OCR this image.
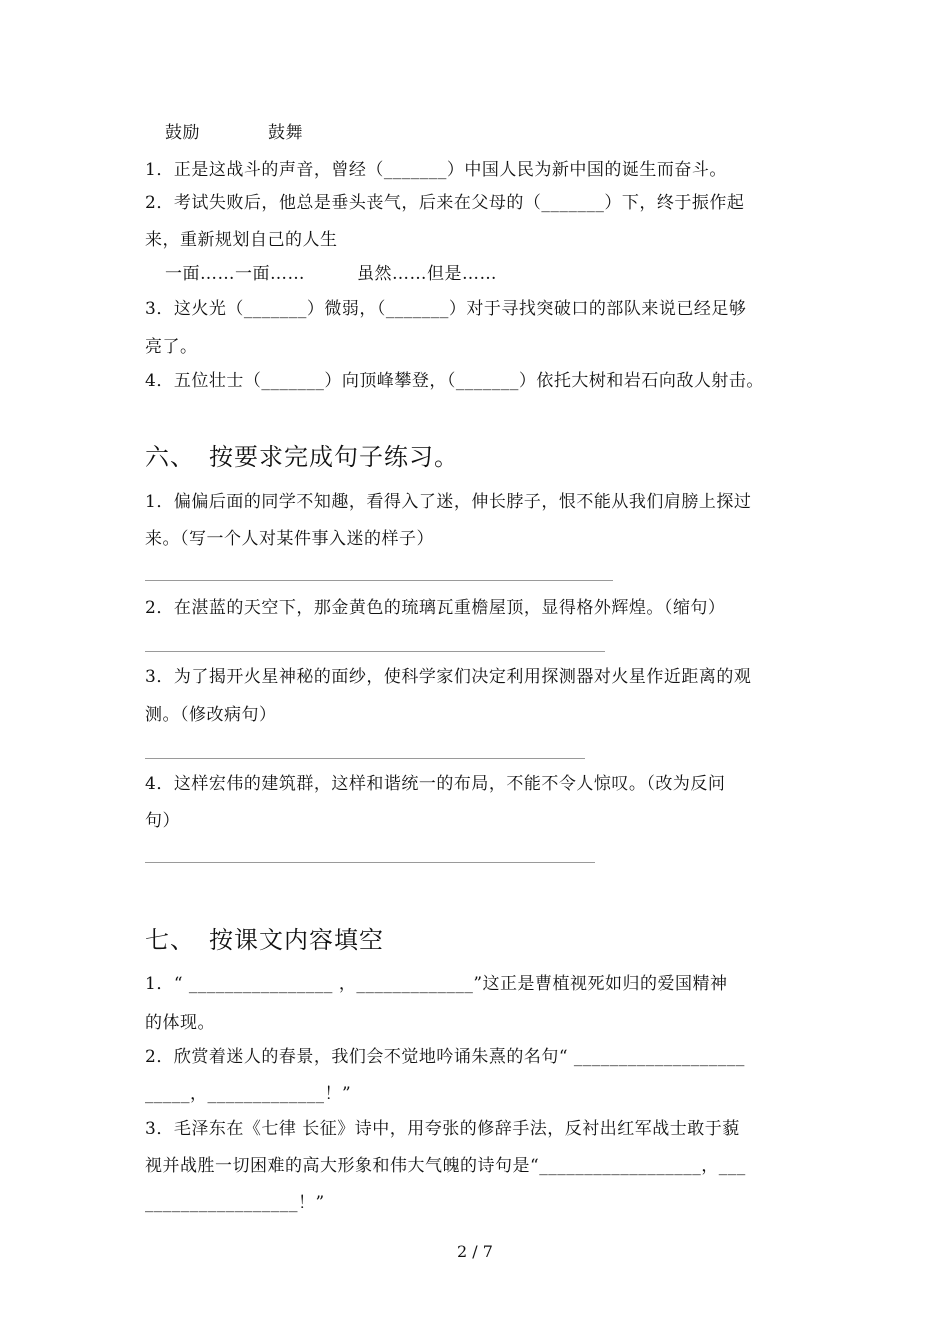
鼓励	鼓舞
1．正是这战斗的声音，曾经（_______）中国人民为新中国的诞生而奋斗。
2．考试失败后，他总是垂头丧气，后来在父母的（_______）下，终于振作起
来，重新规划自己的人生
一面……一面……	虽然……但是……
3．这火光（_______）微弱，（_______）对于寻找突破口的部队来说已经足够
亮了。
4．五位壮士（_______）向顶峰攀登，（_______）依托大树和岩石向敌人射击。
六、 按要求完成句子练习。
1．偏偏后面的同学不知趣，看得入了迷，伸长脖子，恨不能从我们肩膀上探过
来。（写一个人对某件事入迷的样子）
2．在湛蓝的天空下，那金黄色的琉璃瓦重檐屋顶，显得格外辉煌。（缩句）
3．为了揭开火星神秘的面纱，使科学家们决定利用探测器对火星作近距离的观
测。（修改病句）
4．这样宏伟的建筑群，这样和谐统一的布局，不能不令人惊叹。（改为反问
句）
七、 按课文内容填空
1．“ ________________ ，_____________”这正是曹植视死如归的爱国精神
的体现。
2．欣赏着迷人的春景，我们会不觉地吟诵朱熹的名句“ ___________________
_____，_____________！”
3．毛泽东在《七律 长征》诗中，用夸张的修辞手法，反衬出红军战士敢于藐
视并战胜一切困难的高大形象和伟大气魄的诗句是“__________________，___
_________________！”
2 / 7
